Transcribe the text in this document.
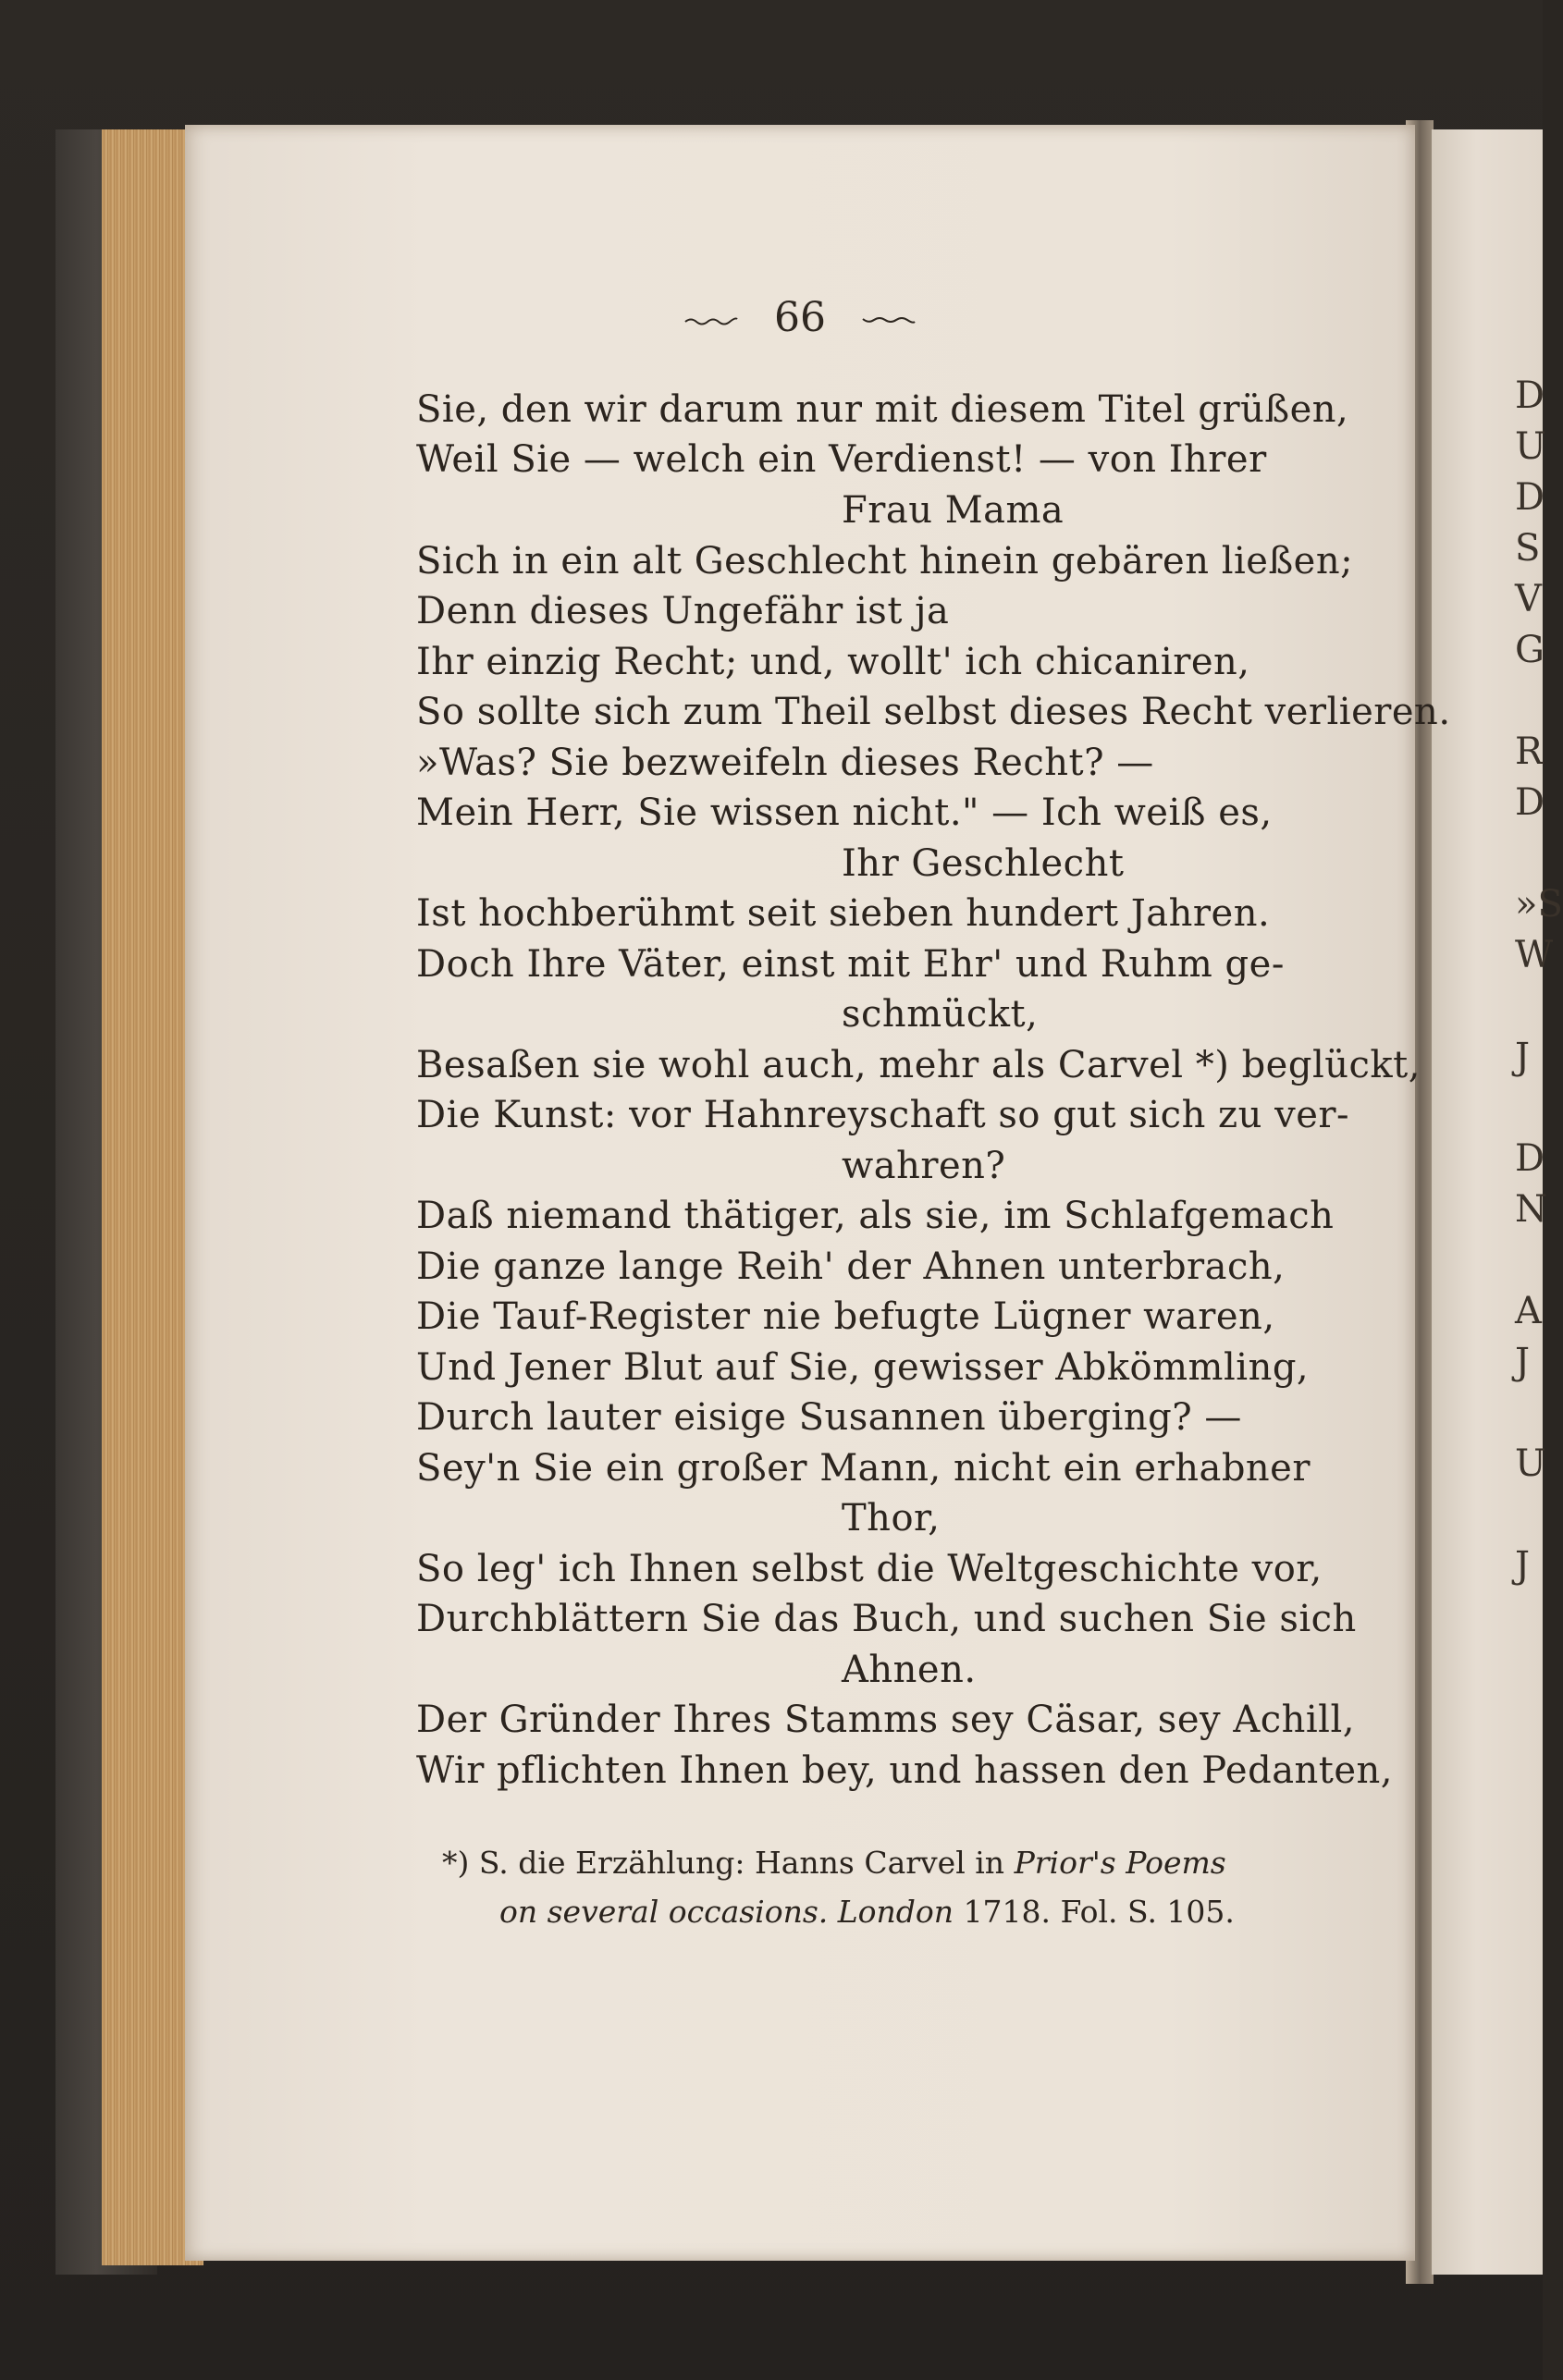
D

U

D

S

V

G

R

D

»S

W

J

D

N

A

J

U

J

66

Sie, den wir darum nur mit diesem Titel grüßen,

Weil Sie — welch ein Verdienst! — von Ihrer

Frau Mama

Sich in ein alt Geschlecht hinein gebären ließen;

Denn dieses Ungefähr ist ja

Ihr einzig Recht; und, wollt' ich chicaniren,

So sollte sich zum Theil selbst dieses Recht verlieren.

»Was? Sie bezweifeln dieses Recht? —

Mein Herr, Sie wissen nicht." — Ich weiß es,

Ihr Geschlecht

Ist hochberühmt seit sieben hundert Jahren.

Doch Ihre Väter, einst mit Ehr' und Ruhm ge-

schmückt,

Besaßen sie wohl auch, mehr als Carvel *) beglückt,

Die Kunst: vor Hahnreyschaft so gut sich zu ver-

wahren?

Daß niemand thätiger, als sie, im Schlafgemach

Die ganze lange Reih' der Ahnen unterbrach,

Die Tauf-Register nie befugte Lügner waren,

Und Jener Blut auf Sie, gewisser Abkömmling,

Durch lauter eisige Susannen überging? —

Sey'n Sie ein großer Mann, nicht ein erhabner

Thor,

So leg' ich Ihnen selbst die Weltgeschichte vor,

Durchblättern Sie das Buch, und suchen Sie sich

Ahnen.

Der Gründer Ihres Stamms sey Cäsar, sey Achill,

Wir pflichten Ihnen bey, und hassen den Pedanten,

*) S. die Erzählung: Hanns Carvel in Prior's Poems

on several occasions. London 1718. Fol. S. 105.
